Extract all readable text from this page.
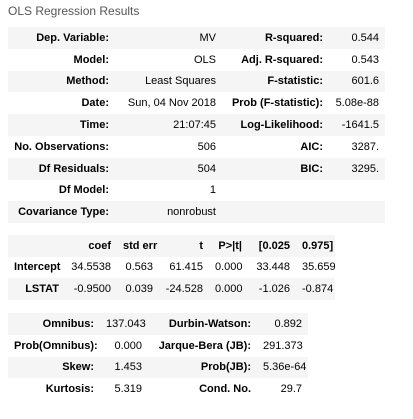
OLS Regression Results
Dep. Variable:	MV	R-squared:	0.544
Model:	OLS	Adj. R-squared:	0.543
Method:	Least Squares	F-statistic:	601.6
Date:	Sun, 04 Nov 2018	Prob (F-statistic):	5.08e-88
Time:	21:07:45	Log-Likelihood:	-1641.5
No. Observations:	506	AIC:	3287.
Df Residuals:	504	BIC:	3295.
Df Model:	1		
Covariance Type:	nonrobust		
	coef	std err	t	P>|t|	[0.025	0.975]
Intercept	34.5538	0.563	61.415	0.000	33.448	35.659
LSTAT	-0.9500	0.039	-24.528	0.000	-1.026	-0.874
Omnibus:	137.043	Durbin-Watson:	0.892
Prob(Omnibus):	0.000	Jarque-Bera (JB):	291.373
Skew:	1.453	Prob(JB):	5.36e-64
Kurtosis:	5.319	Cond. No.	29.7
